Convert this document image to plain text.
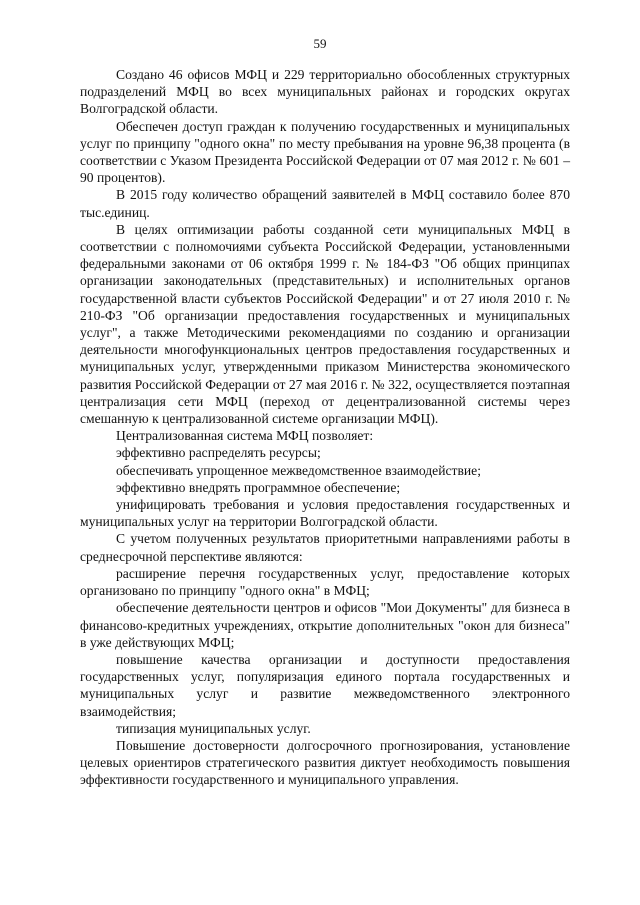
59

Создано 46 офисов МФЦ и 229 территориально обособленных структурных подразделений МФЦ во всех муниципальных районах и городских округах Волгоградской области.

Обеспечен доступ граждан к получению государственных и муниципальных услуг по принципу "одного окна" по месту пребывания на уровне 96,38 процента (в соответствии с Указом Президента Российской Федерации от 07 мая 2012 г. № 601 – 90 процентов).

В 2015 году количество обращений заявителей в МФЦ составило более 870 тыс.единиц.

В целях оптимизации работы созданной сети муниципальных МФЦ в соответствии с полномочиями субъекта Российской Федерации, установленными федеральными законами от 06 октября 1999 г. № 184-ФЗ "Об общих принципах организации законодательных (представительных) и исполнительных органов государственной власти субъектов Российской Федерации" и от 27 июля 2010 г. № 210-ФЗ "Об организации предоставления государственных и муниципальных услуг", а также Методическими рекомендациями по созданию и организации деятельности многофункциональных центров предоставления государственных и муниципальных услуг, утвержденными приказом Министерства экономического развития Российской Федерации от 27 мая 2016 г. № 322, осуществляется поэтапная централизация сети МФЦ (переход от децентрализованной системы через смешанную к централизованной системе организации МФЦ).

Централизованная система МФЦ позволяет:

эффективно распределять ресурсы;

обеспечивать упрощенное межведомственное взаимодействие;

эффективно внедрять программное обеспечение;

унифицировать требования и условия предоставления государственных и муниципальных услуг на территории Волгоградской области.

С учетом полученных результатов приоритетными направлениями работы в среднесрочной перспективе являются:

расширение перечня государственных услуг, предоставление которых организовано по принципу "одного окна" в МФЦ;

обеспечение деятельности центров и офисов "Мои Документы" для бизнеса в финансово-кредитных учреждениях, открытие дополнительных "окон для бизнеса" в уже действующих МФЦ;

повышение качества организации и доступности предоставления государственных услуг, популяризация единого портала государственных и муниципальных услуг и развитие межведомственного электронного взаимодействия;

типизация муниципальных услуг.

Повышение достоверности долгосрочного прогнозирования, установление целевых ориентиров стратегического развития диктует необходимость повышения эффективности государственного и муниципального управления.
